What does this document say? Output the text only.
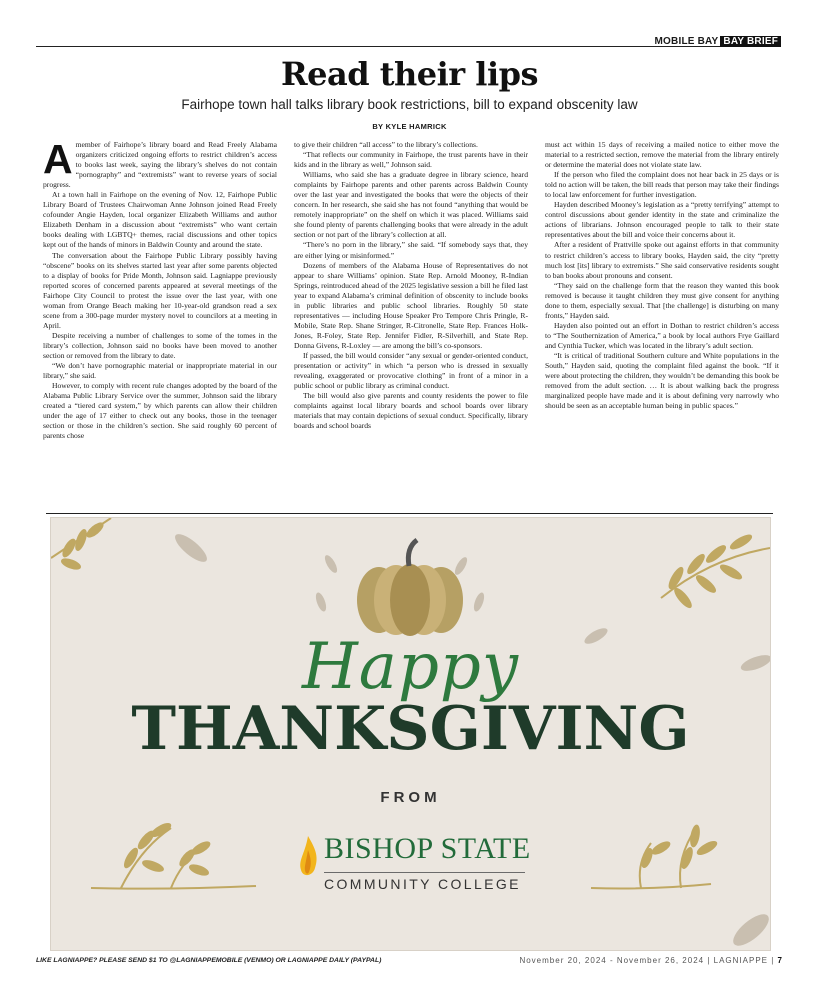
MOBILE BAY BAY BRIEF
Read their lips
Fairhope town hall talks library book restrictions, bill to expand obscenity law
BY KYLE HAMRICK
A member of Fairhope’s library board and Read Freely Alabama organizers criticized ongoing efforts to restrict children’s access to books last week, saying the library’s shelves do not contain “pornography” and “extremists” want to reverse years of social progress.

At a town hall in Fairhope on the evening of Nov. 12, Fairhope Public Library Board of Trustees Chairwoman Anne Johnson joined Read Freely cofounder Angie Hayden, local organizer Elizabeth Williams and author Elizabeth Denham in a discussion about “extremists” who want certain books dealing with LGBTQ+ themes, racial discussions and other topics kept out of the hands of minors in Baldwin County and around the state.

The conversation about the Fairhope Public Library possibly having “obscene” books on its shelves started last year after some parents objected to a display of books for Pride Month, Johnson said. Lagniappe previously reported scores of concerned parents appeared at several meetings of the Fairhope City Council to protest the issue over the last year, with one woman from Orange Beach making her 10-year-old grandson read a sex scene from a 300-page murder mystery novel to councilors at a meeting in April.

Despite receiving a number of challenges to some of the tomes in the library’s collection, Johnson said no books have been moved to another section or removed from the library to date.

“We don’t have pornographic material or inappropriate material in our library,” she said.

However, to comply with recent rule changes adopted by the board of the Alabama Public Library Service over the summer, Johnson said the library created a “tiered card system,” by which parents can allow their children under the age of 17 either to check out any books, those in the teenager section or those in the children’s section. She said roughly 60 percent of parents chose

to give their children “all access” to the library’s collections.

“That reflects our community in Fairhope, the trust parents have in their kids and in the library as well,” Johnson said.

Williams, who said she has a graduate degree in library science, heard complaints by Fairhope parents and other parents across Baldwin County over the last year and investigated the books that were the objects of their concern. In her research, she said she has not found “anything that would be remotely inappropriate” on the shelf on which it was placed. Williams said she found plenty of parents challenging books that were already in the adult section or not part of the library’s collection at all.

“There’s no porn in the library,” she said. “If somebody says that, they are either lying or misinformed.”

Dozens of members of the Alabama House of Representatives do not appear to share Williams’ opinion. State Rep. Arnold Mooney, R-Indian Springs, reintroduced ahead of the 2025 legislative session a bill he filed last year to expand Alabama’s criminal definition of obscenity to include books in public libraries and public school libraries. Roughly 50 state representatives — including House Speaker Pro Tempore Chris Pringle, R-Mobile, State Rep. Shane Stringer, R-Citronelle, State Rep. Frances Holk-Jones, R-Foley, State Rep. Jennifer Fidler, R-Silverhill, and State Rep. Donna Givens, R-Loxley — are among the bill’s co-sponsors.

If passed, the bill would consider “any sexual or gender-oriented conduct, presentation or activity” in which “a person who is dressed in sexually revealing, exaggerated or provocative clothing” in front of a minor in a public school or public library as criminal conduct.

The bill would also give parents and county residents the power to file complaints against local library boards and school boards over library materials that may contain depictions of sexual conduct. Specifically, library boards and school boards

must act within 15 days of receiving a mailed notice to either move the material to a restricted section, remove the material from the library entirely or determine the material does not violate state law.

If the person who filed the complaint does not hear back in 25 days or is told no action will be taken, the bill reads that person may take their findings to local law enforcement for further investigation.

Hayden described Mooney’s legislation as a “pretty terrifying” attempt to control discussions about gender identity in the state and criminalize the actions of librarians. Johnson encouraged people to talk to their state representatives about the bill and voice their concerns about it.

After a resident of Prattville spoke out against efforts in that community to restrict children’s access to library books, Hayden said, the city “pretty much lost [its] library to extremists.” She said conservative residents sought to ban books about pronouns and consent.

“They said on the challenge form that the reason they wanted this book removed is because it taught children they must give consent for anything done to them, especially sexual. That [the challenge] is disturbing on many fronts,” Hayden said.

Hayden also pointed out an effort in Dothan to restrict children’s access to “The Southernization of America,” a book by local authors Frye Gaillard and Cynthia Tucker, which was located in the library’s adult section.

“It is critical of traditional Southern culture and White populations in the South,” Hayden said, quoting the complaint filed against the book. “If it were about protecting the children, they wouldn’t be demanding this book be removed from the adult section. … It is about walking back the progress marginalized people have made and it is about defining very narrowly who should be seen as an acceptable human being in public spaces.”

Happy
THANKSGIVING
FROM
BISHOP STATE
COMMUNITY COLLEGE
LIKE LAGNIAPPE? PLEASE SEND $1 TO @LAGNIAPPEMOBILE (VENMO) OR LAGNIAPPE DAILY (PAYPAL)	November 20, 2024 - November 26, 2024 | LAGNIAPPE | 7
